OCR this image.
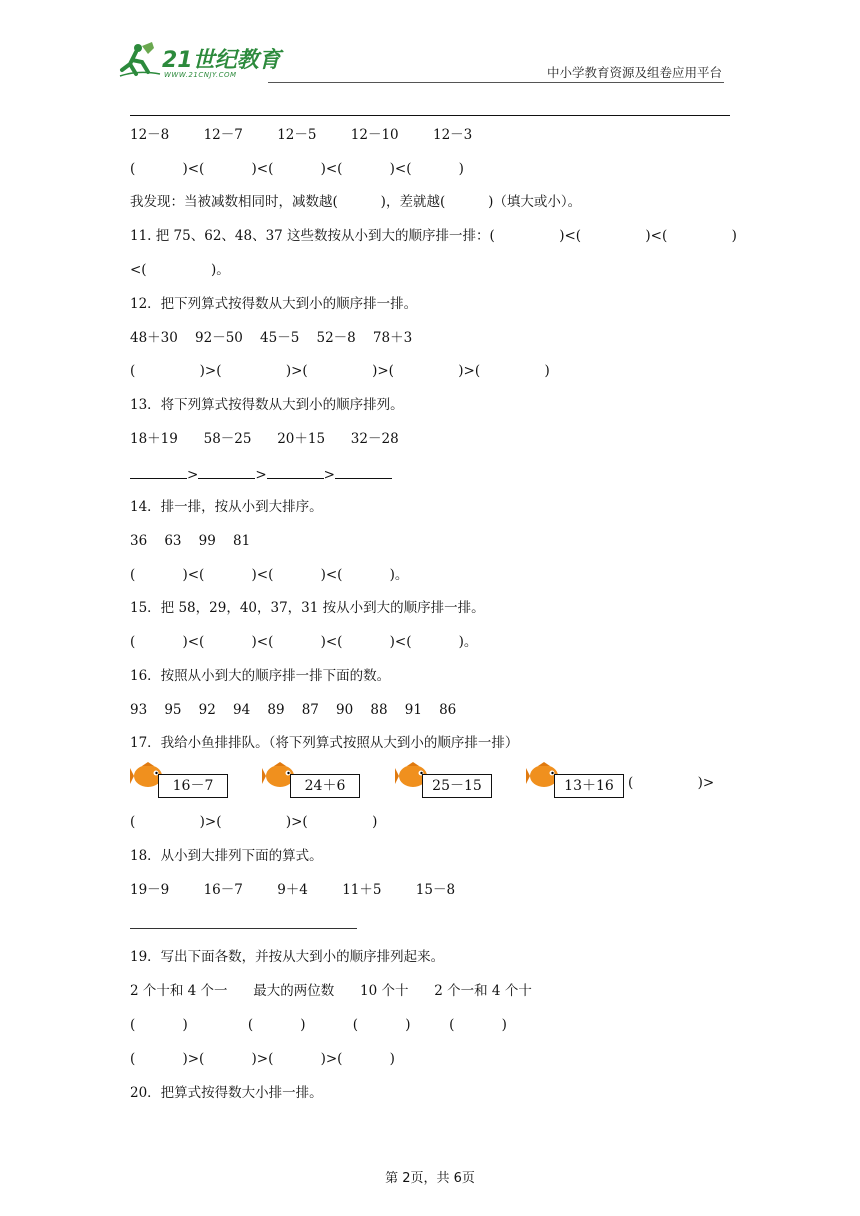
21世纪教育
WWW.21CNJY.COM	中小学教育资源及组卷应用平台
12－8        12－7        12－5        12－10        12－3
(           )<(           )<(           )<(           )<(           )
我发现：当被减数相同时，减数越(          )，差就越(          )（填大或小）。
11. 把 75、62、48、37 这些数按从小到大的顺序排一排：(               )<(               )<(               )
<(               )。
12．把下列算式按得数从大到小的顺序排一排。
48＋30    92－50    45－5    52－8    78＋3
(               )>(               )>(               )>(               )>(               )
13．将下列算式按得数从大到小的顺序排列。
18＋19      58－25      20＋15      32－28
>	>	>
14．排一排，按从小到大排序。
36    63    99    81
(           )<(           )<(           )<(           )。
15．把 58，29，40，37，31 按从小到大的顺序排一排。
(           )<(           )<(           )<(           )<(           )。
16．按照从小到大的顺序排一排下面的数。
93    95    92    94    89    87    90    88    91    86
17．我给小鱼排排队。（将下列算式按照从大到小的顺序排一排）
16－7	24＋6	25－15	13＋16	(               )>
(               )>(               )>(               )
18．从小到大排列下面的算式。
19－9        16－7        9＋4        11＋5        15－8
19．写出下面各数，并按从大到小的顺序排列起来。
2 个十和 4 个一      最大的两位数      10 个十      2 个一和 4 个十
(           )              (           )           (           )         (           )
(           )>(           )>(           )>(           )
20．把算式按得数大小排一排。
第 2页，共 6页
